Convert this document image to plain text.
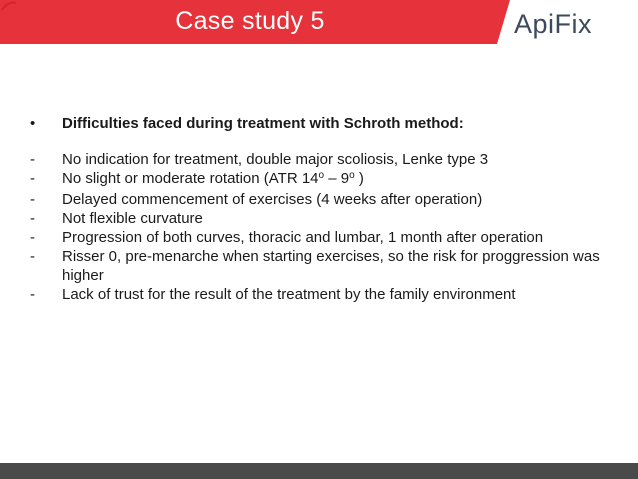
Case study 5	ApiFix
•	Difficulties faced during treatment with Schroth method:
-	No indication for treatment, double major scoliosis, Lenke type 3
-	No slight or moderate rotation (ATR 14$^o$ – 9$^o$ )
-	Delayed commencement of exercises (4 weeks after operation)
-	Not flexible curvature
-	Progression of both curves, thoracic and lumbar, 1 month after operation
-	Risser 0, pre-menarche when starting exercises, so the risk for proggression was higher
-	Lack of trust for the result of the treatment by the family environment
